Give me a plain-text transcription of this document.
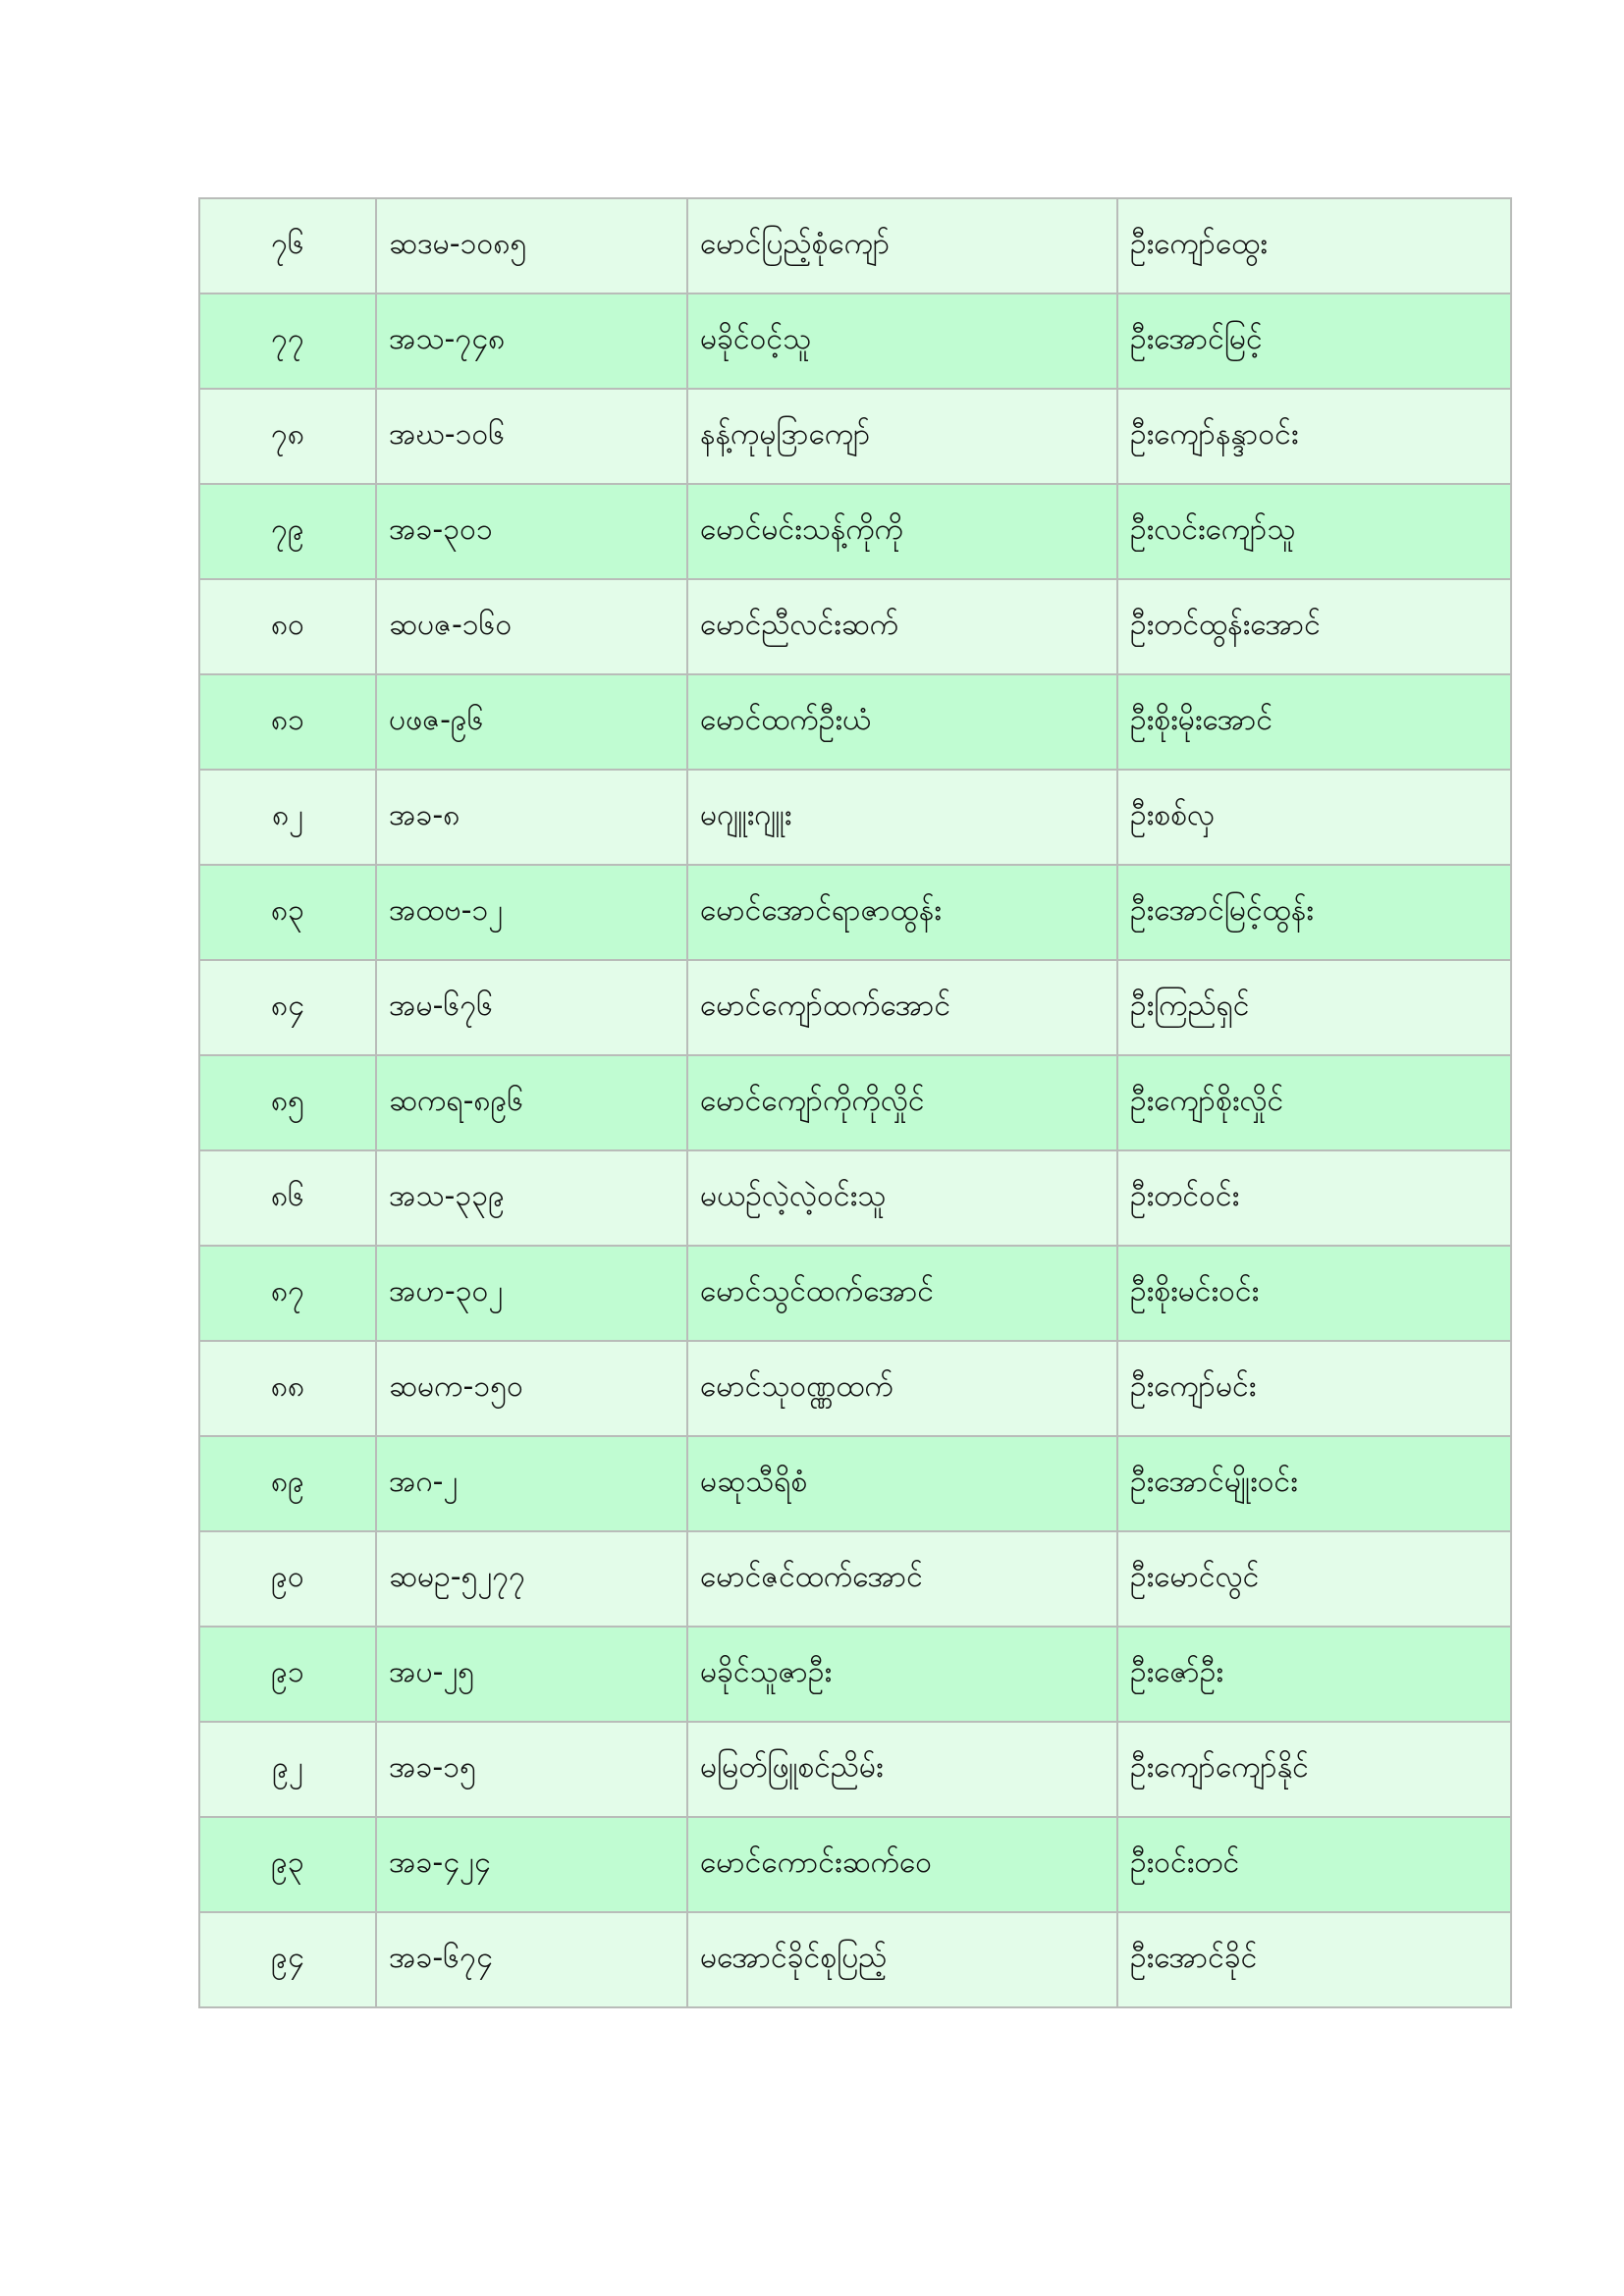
၇၆	ဆဒမ-၁၀၈၅	မောင်ပြည့်စုံကျော်	ဦးကျော်ထွေး
၇၇	အသ-၇၄၈	မခိုင်ဝင့်သူ	ဦးအောင်မြင့်
၇၈	အဃ-၁၀၆	နန့်ကုမုဒြာကျော်	ဦးကျော်နန္ဒာဝင်း
၇၉	အခ-၃၀၁	မောင်မင်းသန့်ကိုကို	ဦးလင်းကျော်သူ
၈၀	ဆပဇ-၁၆၀	မောင်ညီလင်းဆက်	ဦးတင်ထွန်းအောင်
၈၁	ပဖဇ-၉၆	မောင်ထက်ဦးယံ	ဦးစိုးမိုးအောင်
၈၂	အခ-၈	မဂျူးဂျူး	ဦးစစ်လှ
၈၃	အထဗ-၁၂	မောင်အောင်ရာဇာထွန်း	ဦးအောင်မြင့်ထွန်း
၈၄	အမ-၆၇၆	မောင်ကျော်ထက်အောင်	ဦးကြည်ရှင်
၈၅	ဆကရ-၈၉၆	မောင်ကျော်ကိုကိုလှိုင်	ဦးကျော်စိုးလှိုင်
၈၆	အသ-၃၃၉	မယဉ်လဲ့လဲ့ဝင်းသူ	ဦးတင်ဝင်း
၈၇	အဟ-၃၀၂	မောင်သွင်ထက်အောင်	ဦးစိုးမင်းဝင်း
၈၈	ဆမက-၁၅၀	မောင်သုဝဏ္ဏထက်	ဦးကျော်မင်း
၈၉	အဂ-၂	မဆုသီရိစံ	ဦးအောင်မျိုးဝင်း
၉၀	ဆမဥ-၅၂၇၇	မောင်ဇင်ထက်အောင်	ဦးမောင်လွင်
၉၁	အပ-၂၅	မခိုင်သူဇာဦး	ဦးဇော်ဦး
၉၂	အခ-၁၅	မမြတ်ဖြူစင်ညိမ်း	ဦးကျော်ကျော်နိုင်
၉၃	အခ-၄၂၄	မောင်ကောင်းဆက်ဝေ	ဦးဝင်းတင်
၉၄	အခ-၆၇၄	မအောင်ခိုင်စုပြည့်	ဦးအောင်ခိုင်
